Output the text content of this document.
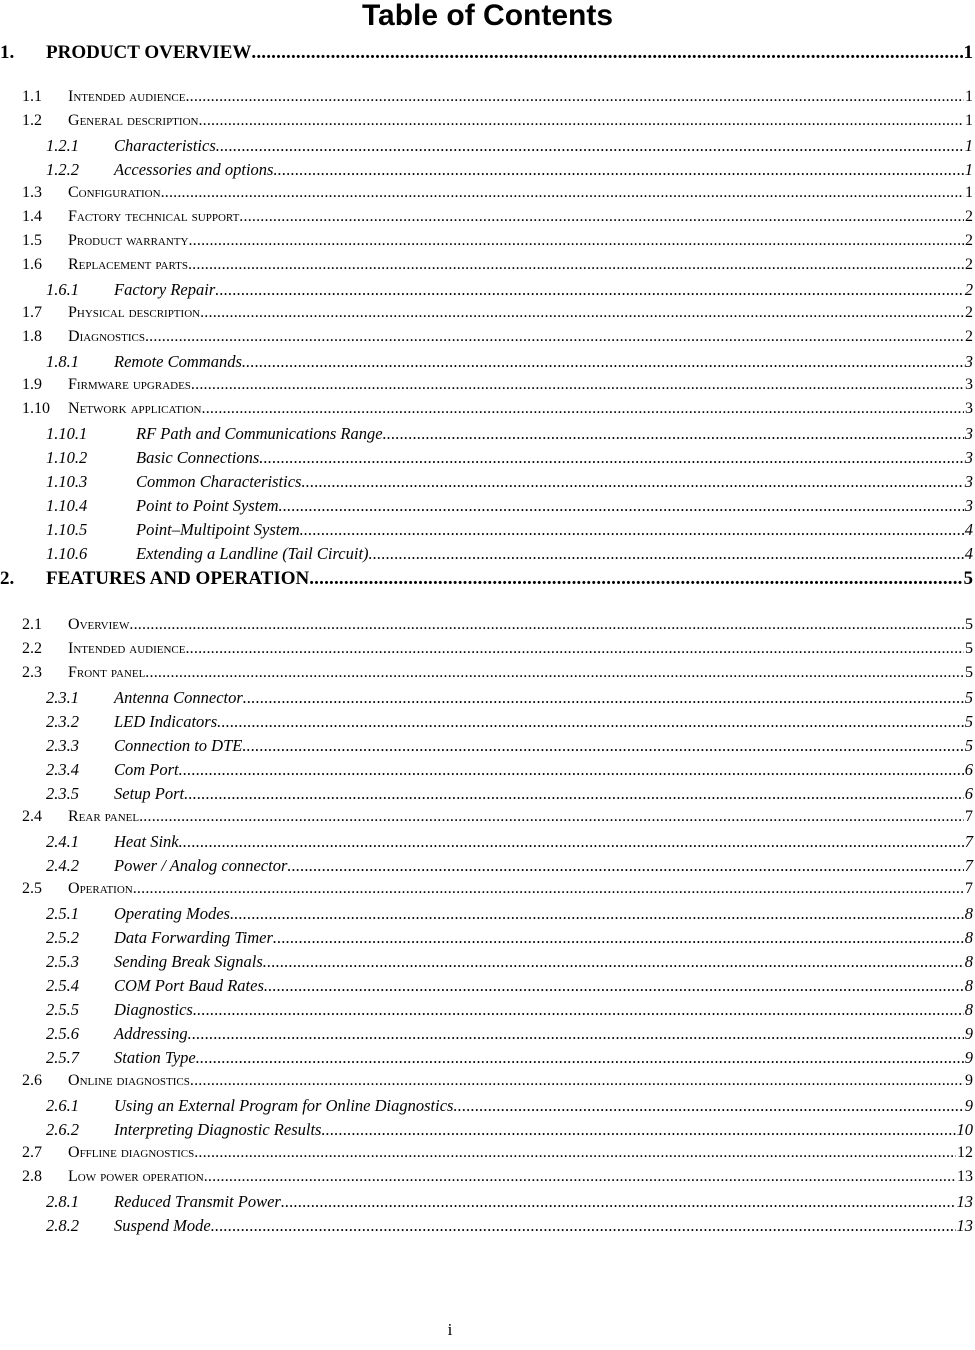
Table of Contents
1.	PRODUCT OVERVIEW .....	1
1.1	intended audience .....	1
1.2	general description .....	1
1.2.1	Characteristics .....	1
1.2.2	Accessories and options .....	1
1.3	configuration .....	1
1.4	factory technical support .....	2
1.5	product warranty .....	2
1.6	replacement parts .....	2
1.6.1	Factory Repair .....	2
1.7	physical description .....	2
1.8	diagnostics .....	2
1.8.1	Remote Commands .....	3
1.9	firmware upgrades .....	3
1.10	network application .....	3
1.10.1	RF Path and Communications Range .....	3
1.10.2	Basic Connections .....	3
1.10.3	Common Characteristics .....	3
1.10.4	Point to Point System .....	3
1.10.5	Point–Multipoint System .....	4
1.10.6	Extending a Landline (Tail Circuit) .....	4
2.	FEATURES AND OPERATION .....	5
2.1	overview .....	5
2.2	intended audience .....	5
2.3	front panel .....	5
2.3.1	Antenna Connector .....	5
2.3.2	LED Indicators .....	5
2.3.3	Connection to DTE .....	5
2.3.4	Com Port .....	6
2.3.5	Setup Port .....	6
2.4	rear panel .....	7
2.4.1	Heat Sink .....	7
2.4.2	Power / Analog connector .....	7
2.5	operation .....	7
2.5.1	Operating Modes .....	8
2.5.2	Data Forwarding Timer .....	8
2.5.3	Sending Break Signals .....	8
2.5.4	COM Port Baud Rates .....	8
2.5.5	Diagnostics .....	8
2.5.6	Addressing .....	9
2.5.7	Station Type .....	9
2.6	online diagnostics .....	9
2.6.1	Using an External Program for Online Diagnostics .....	9
2.6.2	Interpreting Diagnostic Results .....	10
2.7	offline diagnostics .....	12
2.8	low power operation .....	13
2.8.1	Reduced Transmit Power .....	13
2.8.2	Suspend Mode .....	13
i
